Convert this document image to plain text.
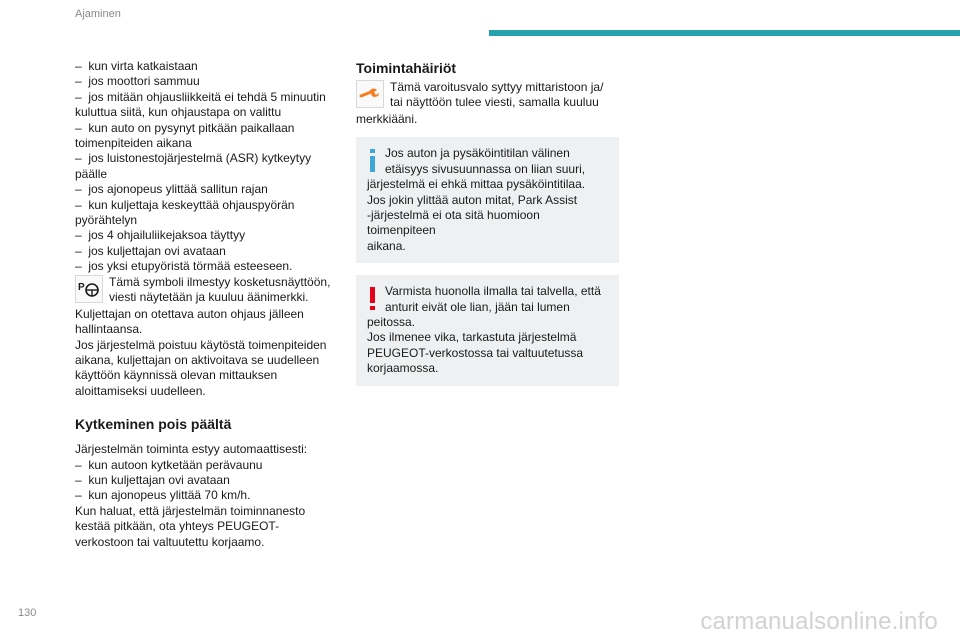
Ajaminen

–  kun virta katkaistaan

–  jos moottori sammuu

–  jos mitään ohjausliikkeitä ei tehdä 5 minuutin

kuluttua siitä, kun ohjaustapa on valittu

–  kun auto on pysynyt pitkään paikallaan

toimenpiteiden aikana

–  jos luistonestojärjestelmä (ASR) kytkeytyy

päälle

–  jos ajonopeus ylittää sallitun rajan

–  kun kuljettaja keskeyttää ohjauspyörän

pyörähtelyn

–  jos 4 ohjailuliikejaksoa täyttyy

–  jos kuljettajan ovi avataan

–  jos yksi etupyöristä törmää esteeseen.

P	Tämä symboli ilmestyy kosketusnäyttöön,

viesti näytetään ja kuuluu äänimerkki.

Kuljettajan on otettava auton ohjaus jälleen

hallintaansa.

Jos järjestelmä poistuu käytöstä toimenpiteiden

aikana, kuljettajan on aktivoitava se uudelleen

käyttöön käynnissä olevan mittauksen

aloittamiseksi uudelleen.

Kytkeminen pois päältä

Järjestelmän toiminta estyy automaattisesti:

–  kun autoon kytketään perävaunu

–  kun kuljettajan ovi avataan

–  kun ajonopeus ylittää 70 km/h.

Kun haluat, että järjestelmän toiminnanesto

kestää pitkään, ota yhteys PEUGEOT-

verkostoon tai valtuutettu korjaamo.

Toimintahäiriöt

Tämä varoitusvalo syttyy mittaristoon ja/

tai näyttöön tulee viesti, samalla kuuluu

merkkiääni.

Jos auton ja pysäköintitilan välinen

etäisyys sivusuunnassa on liian suuri,

järjestelmä ei ehkä mittaa pysäköintitilaa.

Jos jokin ylittää auton mitat, Park Assist

-järjestelmä ei ota sitä huomioon toimenpiteen

aikana.

Varmista huonolla ilmalla tai talvella, että

anturit eivät ole lian, jään tai lumen

peitossa.

Jos ilmenee vika, tarkastuta järjestelmä

PEUGEOT-verkostossa tai valtuutetussa

korjaamossa.

130	carmanualsonline.info
